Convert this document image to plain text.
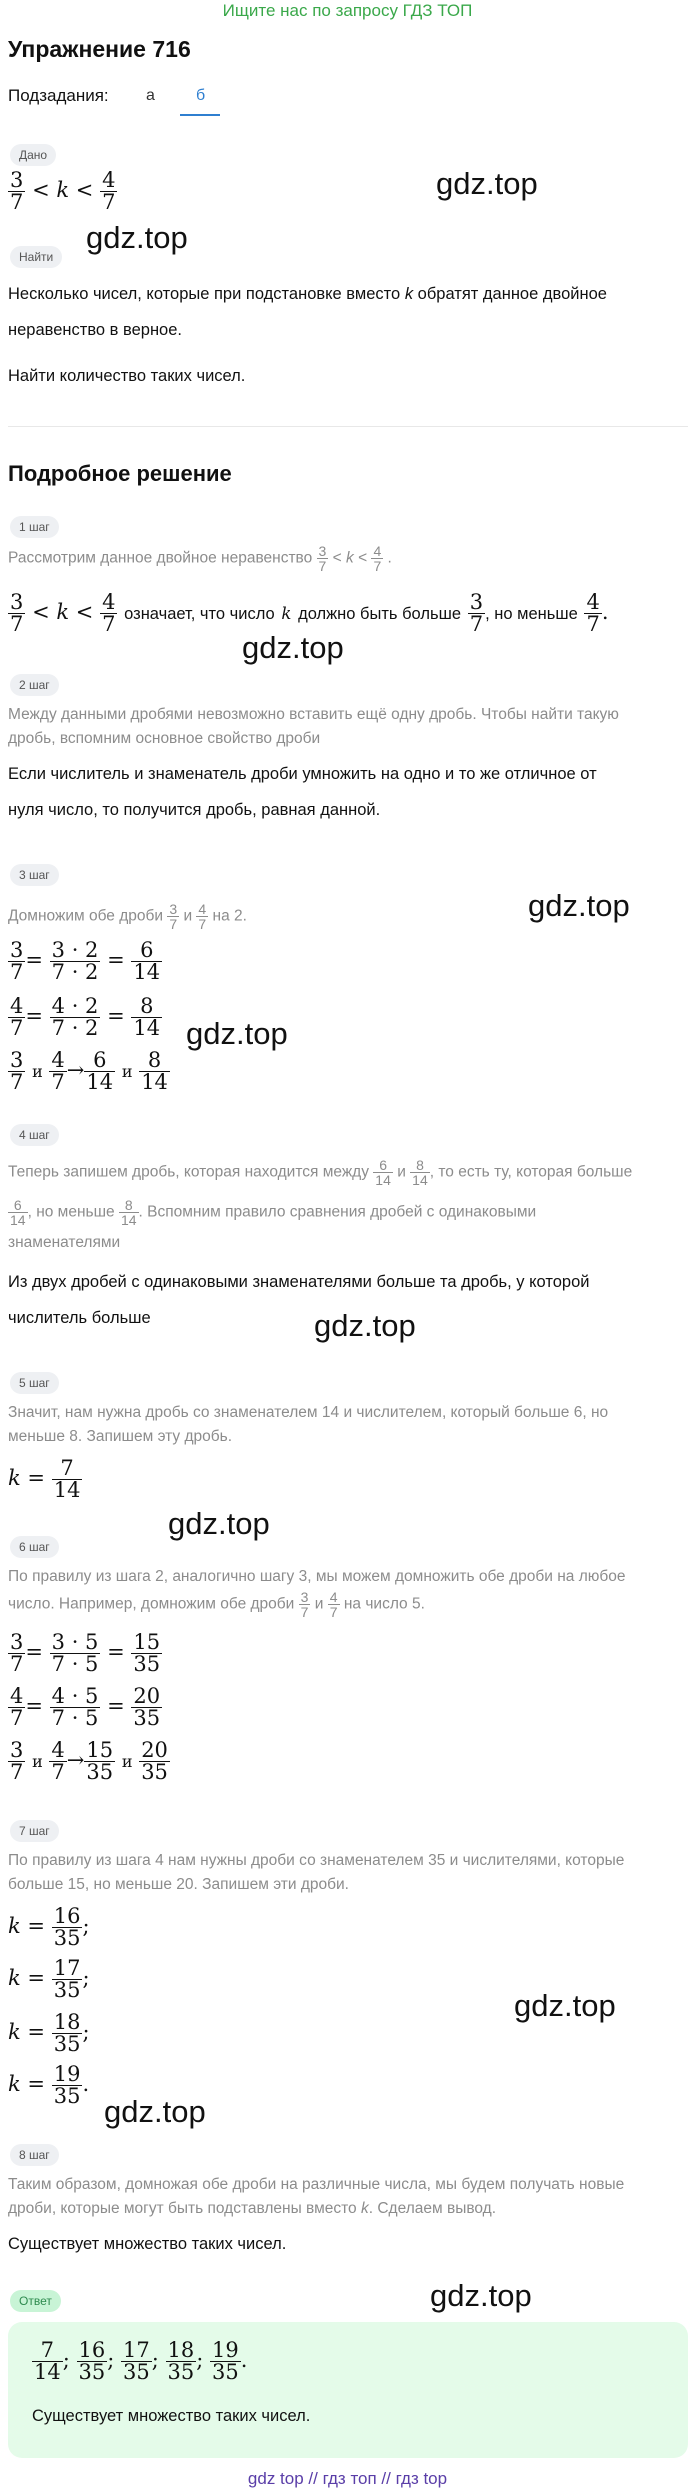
Ищите нас по запросу ГДЗ ТОП
Упражнение 716
Подзадания: а	б
Дано
$\frac{3}{7} < k < \frac{4}{7}$
Найти
Несколько чисел, которые при подстановке вместо k обратят данное двойное
неравенство в верное.
Найти количество таких чисел.
Подробное решение
1 шаг
Рассмотрим данное двойное неравенство $\frac{3}{7} < k < \frac{4}{7}$ .
$\frac{3}{7} < k < \frac{4}{7}$ означает, что число k должно быть больше $\frac{3}{7}$ , но меньше $\frac{4}{7}$ .
2 шаг
Между данными дробями невозможно вставить ещё одну дробь. Чтобы найти такую
дробь, вспомним основное свойство дроби
Если числитель и знаменатель дроби умножить на одно и то же отличное от
нуля число, то получится дробь, равная данной.
3 шаг
Домножим обе дроби $\frac{3}{7}$ и $\frac{4}{7}$ на 2.
$\frac{3}{7} = \frac{3 \cdot 2}{7 \cdot 2} = \frac{6}{14}$
$\frac{4}{7} = \frac{4 \cdot 2}{7 \cdot 2} = \frac{8}{14}$
$\frac{3}{7}$ и $\frac{4}{7} \to \frac{6}{14}$ и $\frac{8}{14}$
4 шаг
Теперь запишем дробь, которая находится между $\frac{6}{14}$ и $\frac{8}{14}$ , то есть ту, которая больше
$\frac{6}{14}$ , но меньше $\frac{8}{14}$ . Вспомним правило сравнения дробей с одинаковыми
знаменателями
Из двух дробей с одинаковыми знаменателями больше та дробь, у которой
числитель больше
5 шаг
Значит, нам нужна дробь со знаменателем 14 и числителем, который больше 6, но
меньше 8. Запишем эту дробь.
$k = \frac{7}{14}$
6 шаг
По правилу из шага 2, аналогично шагу 3, мы можем домножить обе дроби на любое
число. Например, домножим обе дроби $\frac{3}{7}$ и $\frac{4}{7}$ на число 5.
$\frac{3}{7} = \frac{3 \cdot 5}{7 \cdot 5} = \frac{15}{35}$
$\frac{4}{7} = \frac{4 \cdot 5}{7 \cdot 5} = \frac{20}{35}$
$\frac{3}{7}$ и $\frac{4}{7} \to \frac{15}{35}$ и $\frac{20}{35}$
7 шаг
По правилу из шага 4 нам нужны дроби со знаменателем 35 и числителями, которые
больше 15, но меньше 20. Запишем эти дроби.
$k = \frac{16}{35}$ ;
$k = \frac{17}{35}$ ;
$k = \frac{18}{35}$ ;
$k = \frac{19}{35}$ .
8 шаг
Таким образом, домножая обе дроби на различные числа, мы будем получать новые
дроби, которые могут быть подставлены вместо k. Сделаем вывод.
Существует множество таких чисел.
Ответ
$\frac{7}{14}$ ; $\frac{16}{35}$ ; $\frac{17}{35}$ ; $\frac{18}{35}$ ; $\frac{19}{35}$ .
Существует множество таких чисел.
gdz.top
gdz.top
gdz.top
gdz.top
gdz.top
gdz.top
gdz.top
gdz.top
gdz.top
gdz.top
gdz top // гдз топ // гдз top
